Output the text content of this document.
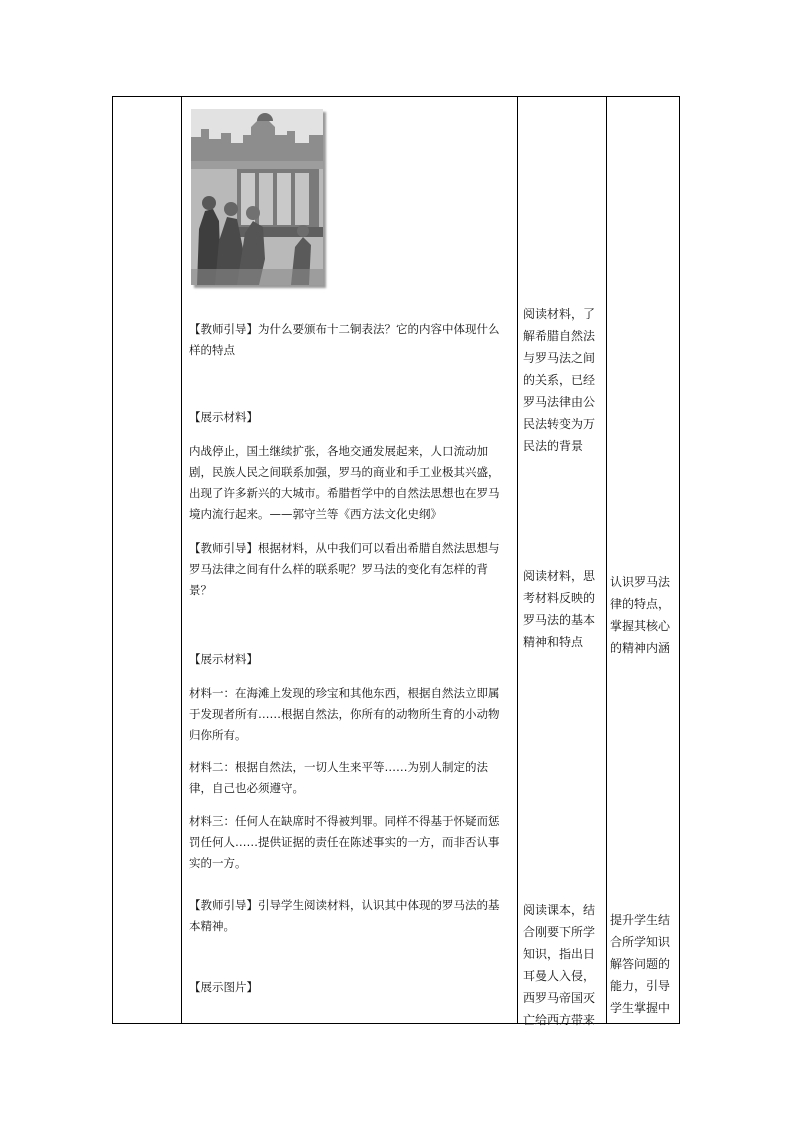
【教师引导】为什么要颁布十二铜表法？它的内容中体现什么样的特点

【展示材料】

内战停止，国土继续扩张，各地交通发展起来，人口流动加剧，民族人民之间联系加强，罗马的商业和手工业极其兴盛，出现了许多新兴的大城市。希腊哲学中的自然法思想也在罗马境内流行起来。——郭守兰等《西方法文化史纲》

【教师引导】根据材料，从中我们可以看出希腊自然法思想与罗马法律之间有什么样的联系呢？罗马法的变化有怎样的背景？

【展示材料】

材料一：在海滩上发现的珍宝和其他东西，根据自然法立即属于发现者所有……根据自然法，你所有的动物所生育的小动物归你所有。

材料二：根据自然法，一切人生来平等……为别人制定的法律，自己也必须遵守。

材料三：任何人在缺席时不得被判罪。同样不得基于怀疑而惩罚任何人……提供证据的责任在陈述事实的一方，而非否认事实的一方。

【教师引导】引导学生阅读材料，认识其中体现的罗马法的基本精神。

【展示图片】

阅读材料，了解希腊自然法与罗马法之间的关系，已经罗马法律由公民法转变为万民法的背景

阅读材料，思考材料反映的罗马法的基本精神和特点

阅读课本，结合刚要下所学知识，指出日耳曼人入侵，西罗马帝国灭亡给西方带来

认识罗马法律的特点，掌握其核心的精神内涵

提升学生结合所学知识解答问题的能力，引导学生掌握中
